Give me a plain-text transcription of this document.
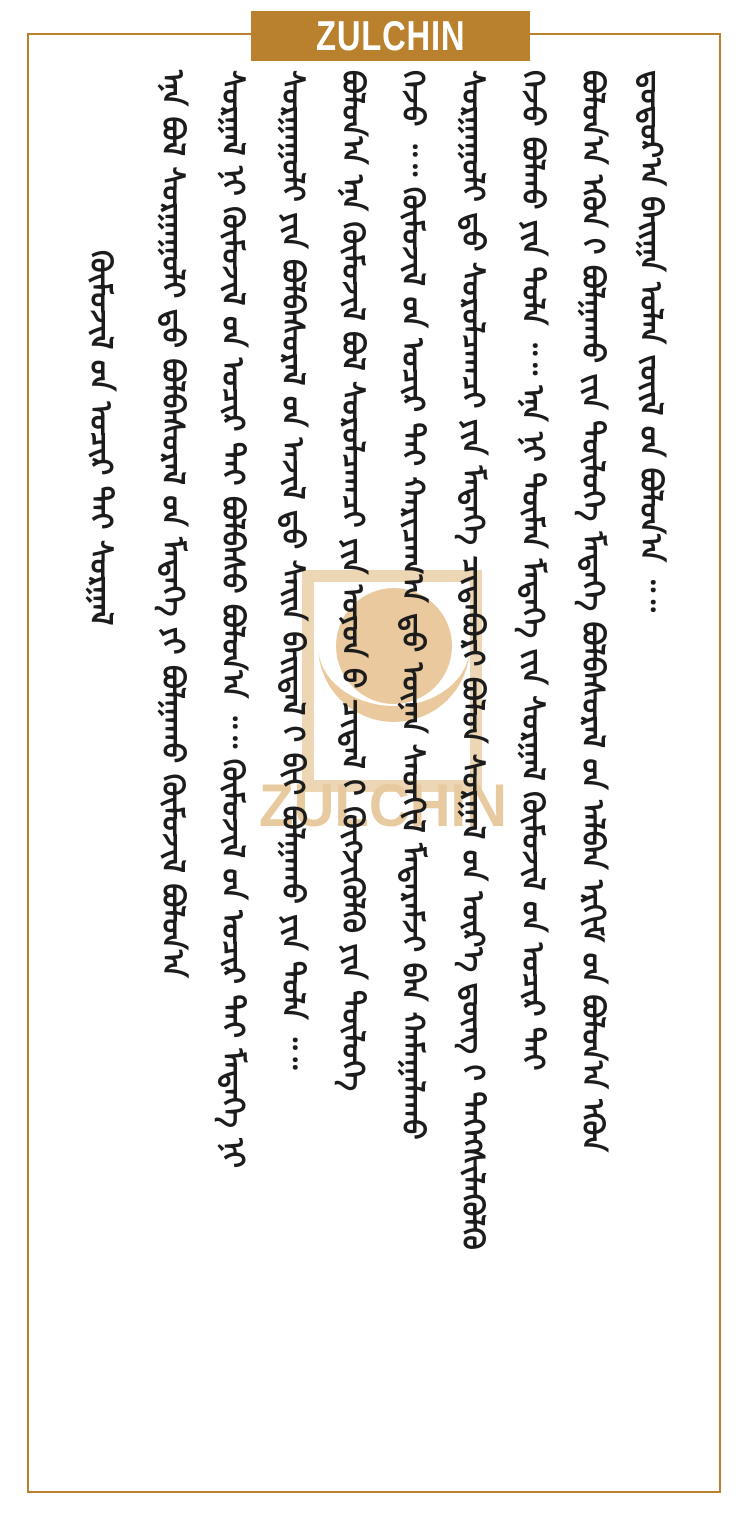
ZULCHIN
ZULCHIN
ᠳ᠋ᠣᠲᠣᠷ᠎ᠠ ᠪᠠᠢᠭᠠ ᠣᠯᠠᠨ ᠵᠦᠢᠯ ᠤ᠋ᠨ ᠪᠣᠯᠤᠨ᠎ᠠ ᠃᠃
ᠪᠣᠯᠤᠨ᠎ᠠ ᠡᠭᠦᠨ ᠢ᠋ ᠪᠣᠯᠭᠠᠬᠤ ᠵᠢᠨ ᠲᠥᠯᠦᠭᠡ ᠮᠡᠳᠡᠭᠡ ᠪᠣᠯᠪᠠᠰᠤᠷᠠᠯ ᠤ᠋ᠨ ᠠᠯᠪᠠᠨ ᠡᠷᠬᠢᠮ ᠤ᠋ᠨ ᠪᠣᠯᠤᠨ᠎ᠠ ᠡᠭᠦᠨ
ᠭᠡᠵᠦ ᠪᠣᠯᠬᠤ ᠶᠢᠨ ᠲᠤᠯᠠ ᠃᠃ ᠡᠨᠡ ᠨᠢ ᠲᠦᠮᠡᠨ ᠮᠡᠳᠡᠭᠡ ᠵᠢᠨ ᠰᠤᠷᠭᠠᠯ ᠬᠦᠮᠦᠵᠢᠯ ᠦ᠋ᠨ ᠤᠴᠢᠷ ᠲᠠᠢ
ᠰᠤᠷᠭᠠᠭᠤᠯᠢ ᠳ᠋ᠤ ᠰᠤᠷᠤᠯᠴᠠᠭᠴᠢ ᠶᠢᠨ ᠮᠡᠳᠡᠭᠡ ᠴᠢᠳᠠᠪᠤᠷᠢ ᠪᠣᠯᠣᠨ ᠰᠤᠷᠭᠠᠯ ᠤ᠋ᠨ ᠦᠷ᠎ᠡ ᠳ᠋ᠦᠩ ᠢ᠋ ᠳᠡᠭᠡᠭᠰᠢᠯᠡᠭᠦᠯᠬᠦ
ᠭᠡᠵᠦ ᠃᠃ ᠬᠦᠮᠦᠵᠢᠯ ᠤ᠋ᠨ ᠤᠴᠢᠷ ᠲᠠᠢ ᠬᠠᠷᠢᠴᠠᠭ᠎ᠠ ᠳ᠋ᠤ ᠦᠨᠡᠨ ᠰᠡᠳᠬᠢᠯ ᠮᠡᠳᠡᠷᠡᠮᠵᠢ ᠪᠠᠨ ᠬᠠᠮᠠᠭᠠᠯᠠᠬᠤ
ᠪᠣᠯᠤᠨ᠎ᠠ ᠡᠨᠡ ᠬᠦᠮᠦᠵᠢᠯ ᠪᠣᠯ ᠰᠤᠷᠤᠯᠴᠠᠭᠴᠢ ᠶᠢᠨ ᠣᠶᠤᠨ ᠤ᠋ ᠴᠢᠳᠠᠯ ᠢ᠋ ᠬᠥᠭᠵᠢᠭᠦᠯᠬᠦ ᠶᠢᠨ ᠲᠥᠯᠦᠭᠡ
ᠰᠤᠷᠭᠠᠭᠤᠯᠢ ᠶᠢᠨ ᠪᠣᠯᠪᠠᠰᠤᠷᠠᠯ ᠤ᠋ᠨ ᠠᠵᠢᠯ ᠳ᠋ᠤ ᠰᠠᠢᠨ ᠪᠠᠢᠳᠠᠯ ᠢ᠋ ᠪᠢᠢ ᠪᠣᠯᠭᠠᠬᠤ ᠶᠢᠨ ᠲᠤᠯᠠ ᠃᠃
ᠰᠤᠷᠭᠠᠯ ᠨᠢ ᠬᠦᠮᠦᠵᠢᠯ ᠤ᠋ᠨ ᠤᠴᠢᠷ ᠲᠠᠢ ᠪᠣᠯᠪᠠᠰᠤ ᠪᠣᠯᠤᠨ᠎ᠠ ᠃᠃ ᠬᠦᠮᠦᠵᠢᠯ ᠤ᠋ᠨ ᠤᠴᠢᠷ ᠲᠠᠢ ᠮᠡᠳᠡᠭᠡ ᠨᠢ
ᠡᠨᠡ ᠪᠣᠯ ᠰᠤᠷᠭᠠᠭᠤᠯᠢ ᠳ᠋ᠤ ᠪᠣᠯᠪᠠᠰᠤᠷᠠᠯ ᠤ᠋ᠨ ᠮᠡᠳᠡᠭᠡ ᠶᠢ ᠪᠣᠯᠭᠠᠬᠤ ᠬᠦᠮᠦᠵᠢᠯ ᠪᠣᠯᠤᠨ᠎ᠠ
ᠬᠦᠮᠦᠵᠢᠯ ᠤ᠋ᠨ ᠤᠴᠢᠷ ᠲᠠᠢ ᠰᠤᠷᠭᠠᠯ
